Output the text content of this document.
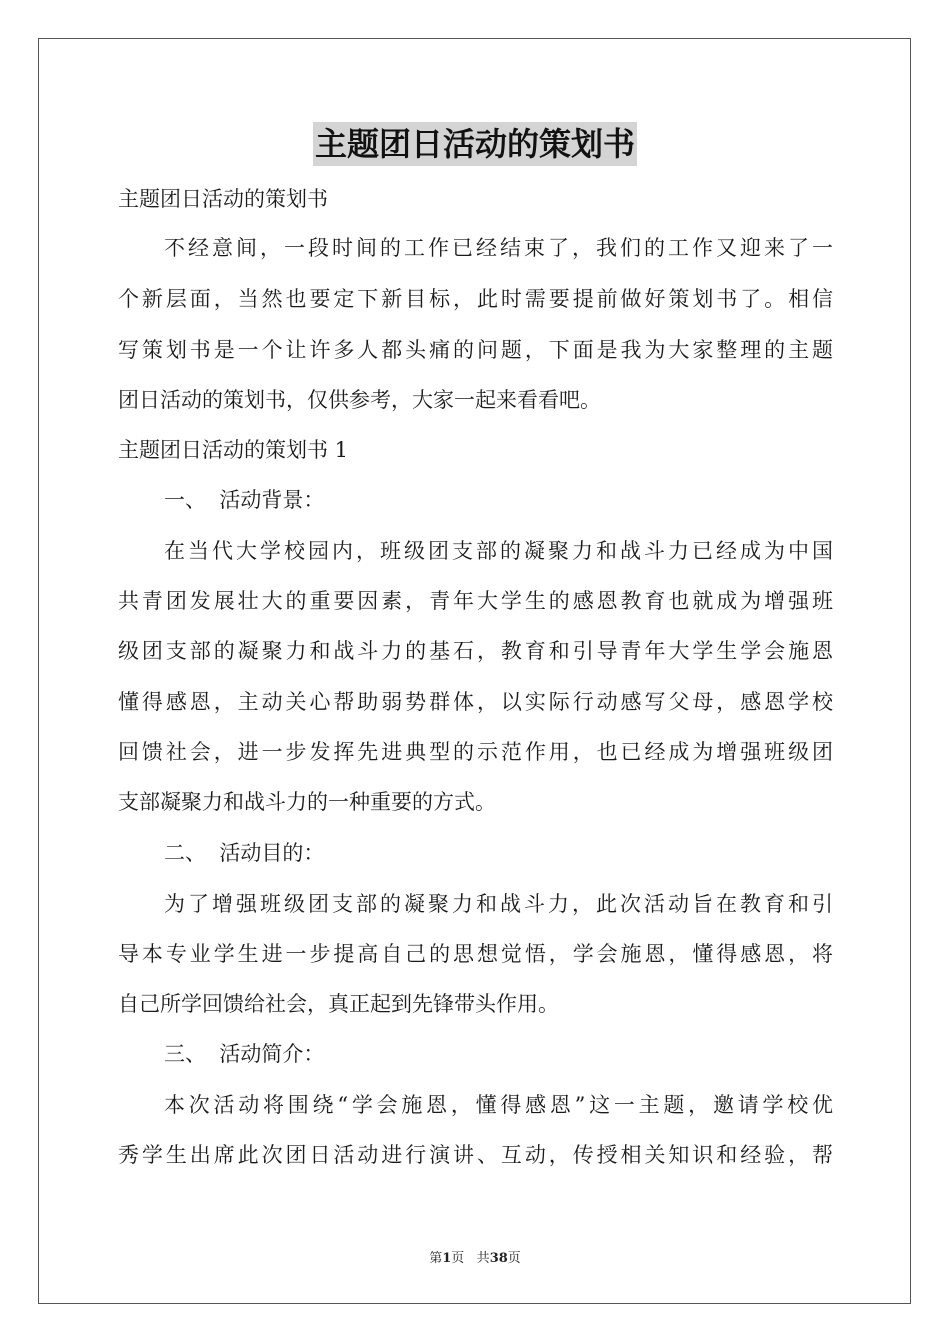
主题团日活动的策划书
主题团日活动的策划书
不经意间，一段时间的工作已经结束了，我们的工作又迎来了一
个新层面，当然也要定下新目标，此时需要提前做好策划书了。相信
写策划书是一个让许多人都头痛的问题，下面是我为大家整理的主题
团日活动的策划书，仅供参考，大家一起来看看吧。
主题团日活动的策划书 1
一、  活动背景：
在当代大学校园内，班级团支部的凝聚力和战斗力已经成为中国
共青团发展壮大的重要因素，青年大学生的感恩教育也就成为增强班
级团支部的凝聚力和战斗力的基石，教育和引导青年大学生学会施恩
懂得感恩，主动关心帮助弱势群体，以实际行动感写父母，感恩学校
回馈社会，进一步发挥先进典型的示范作用，也已经成为增强班级团
支部凝聚力和战斗力的一种重要的方式。
二、  活动目的：
为了增强班级团支部的凝聚力和战斗力，此次活动旨在教育和引
导本专业学生进一步提高自己的思想觉悟，学会施恩，懂得感恩，将
自己所学回馈给社会，真正起到先锋带头作用。
三、  活动简介：
本次活动将围绕“学会施恩，懂得感恩”这一主题，邀请学校优
秀学生出席此次团日活动进行演讲、互动，传授相关知识和经验，帮
第1页 共38页
